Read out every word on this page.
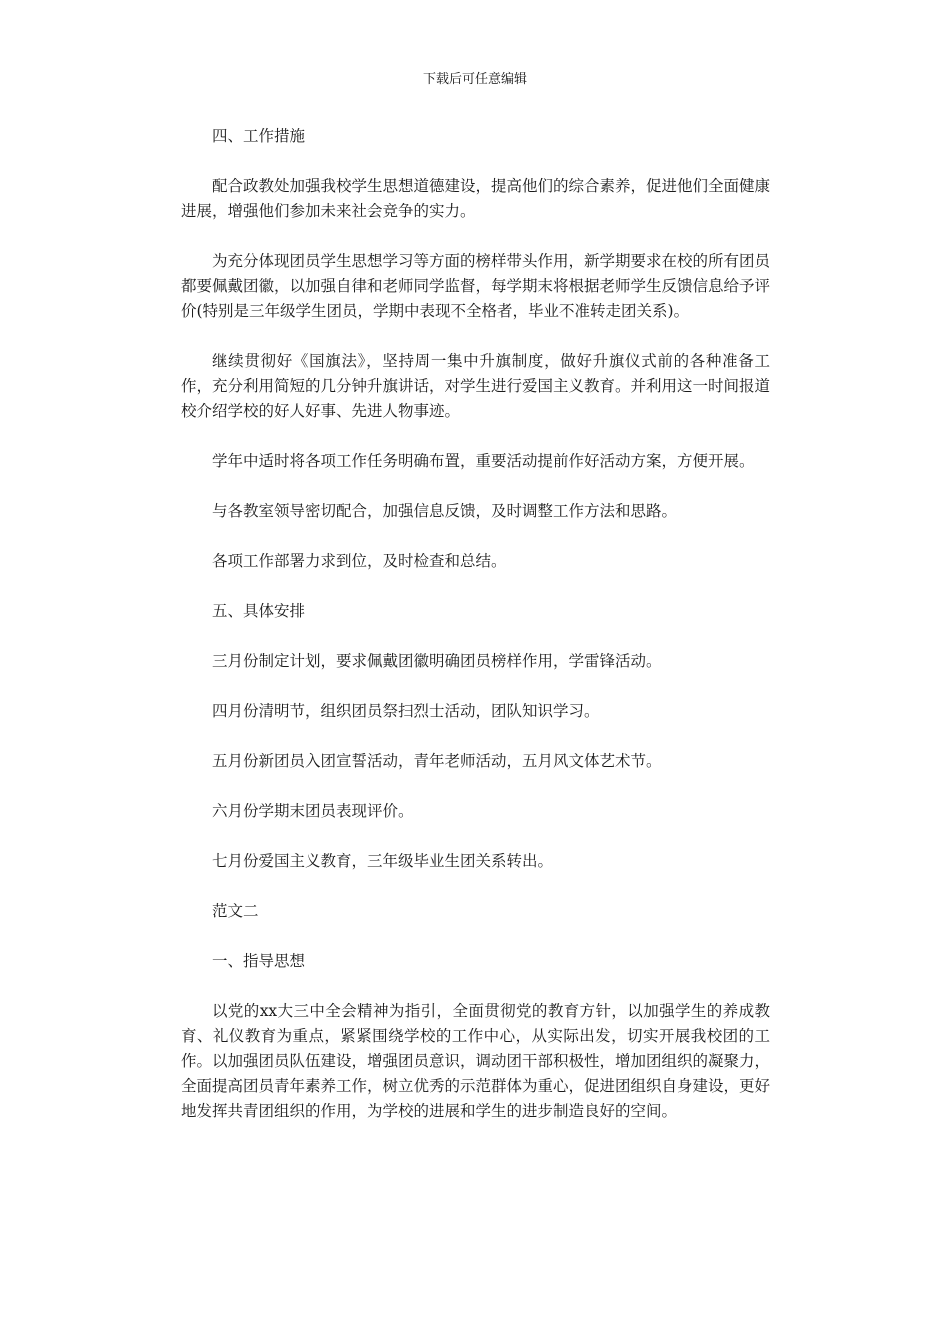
下载后可任意编辑

四、工作措施

配合政教处加强我校学生思想道德建设，提高他们的综合素养，促进他们全面健康进展，增强他们参加未来社会竞争的实力。

为充分体现团员学生思想学习等方面的榜样带头作用，新学期要求在校的所有团员都要佩戴团徽，以加强自律和老师同学监督，每学期末将根据老师学生反馈信息给予评价(特别是三年级学生团员，学期中表现不全格者，毕业不准转走团关系)。

继续贯彻好《国旗法》，坚持周一集中升旗制度，做好升旗仪式前的各种准备工作，充分利用简短的几分钟升旗讲话，对学生进行爱国主义教育。并利用这一时间报道校介绍学校的好人好事、先进人物事迹。

学年中适时将各项工作任务明确布置，重要活动提前作好活动方案，方便开展。

与各教室领导密切配合，加强信息反馈，及时调整工作方法和思路。

各项工作部署力求到位，及时检查和总结。

五、具体安排

三月份制定计划，要求佩戴团徽明确团员榜样作用，学雷锋活动。

四月份清明节，组织团员祭扫烈士活动，团队知识学习。

五月份新团员入团宣誓活动，青年老师活动，五月风文体艺术节。

六月份学期末团员表现评价。

七月份爱国主义教育，三年级毕业生团关系转出。

范文二

一、指导思想

以党的xx大三中全会精神为指引，全面贯彻党的教育方针，以加强学生的养成教育、礼仪教育为重点，紧紧围绕学校的工作中心，从实际出发，切实开展我校团的工作。以加强团员队伍建设，增强团员意识，调动团干部积极性，增加团组织的凝聚力，全面提高团员青年素养工作，树立优秀的示范群体为重心，促进团组织自身建设，更好地发挥共青团组织的作用，为学校的进展和学生的进步制造良好的空间。
